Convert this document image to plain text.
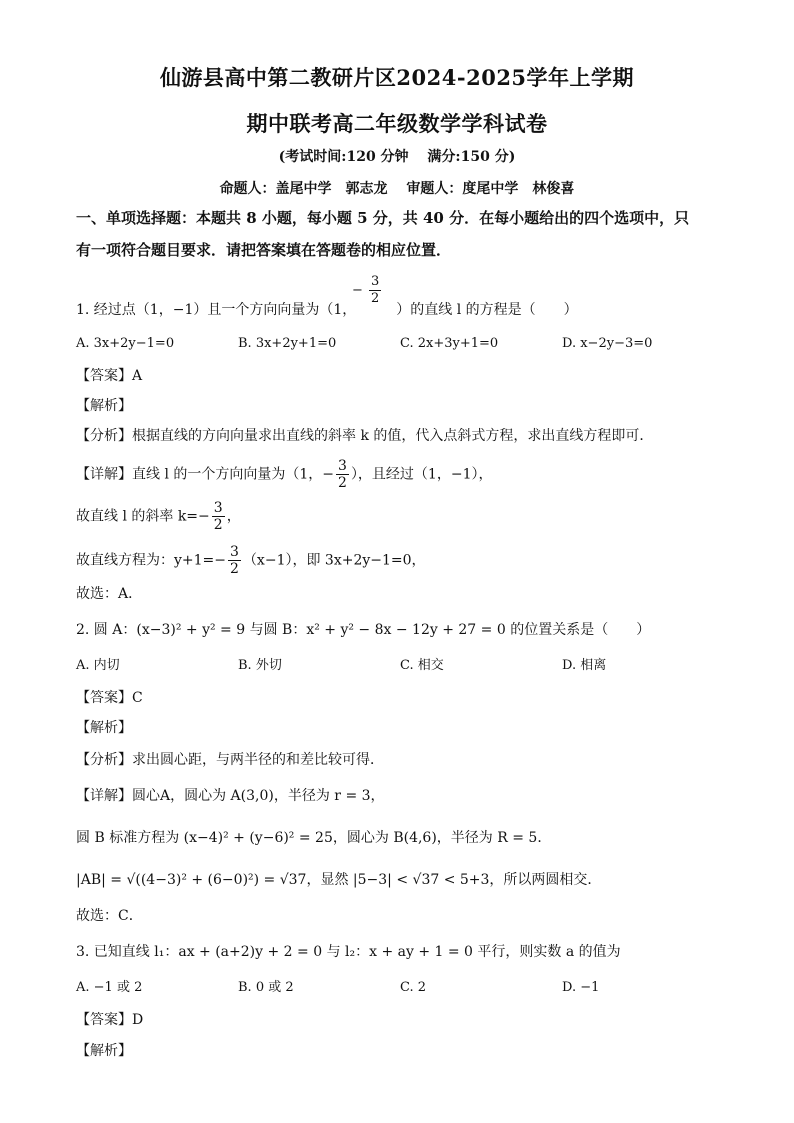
仙游县高中第二教研片区2024-2025学年上学期
期中联考高二年级数学学科试卷
(考试时间:120 分钟　 满分:150 分)
命题人：盖尾中学　郭志龙　 审题人：度尾中学　林俊喜
一、单项选择题：本题共 8 小题，每小题 5 分，共 40 分．在每小题给出的四个选项中，只
有一项符合题目要求．请把答案填在答题卷的相应位置．
− $\frac{3}{2}$
1. 经过点（1，−1）且一个方向向量为（1，	）的直线 l 的方程是（　　）
A. 3x+2y−1=0	B. 3x+2y+1=0	C. 2x+3y+1=0	D. x−2y−3=0
【答案】A
【解析】
【分析】根据直线的方向向量求出直线的斜率 k 的值，代入点斜式方程，求出直线方程即可．
【详解】直线 l 的一个方向向量为（1，− $\frac{3}{2}$ ），且经过（1，−1），
故直线 l 的斜率 $k=- \frac{3}{2}$ ，
故直线方程为：$y+1=- \frac{3}{2} (x-1)$，即 3x+2y−1=0，
故选：A．
2. 圆 A：(x−3)² + y² = 9 与圆 B：x² + y² − 8x − 12y + 27 = 0 的位置关系是（　　）
A. 内切	B. 外切	C. 相交	D. 相离
【答案】C
【解析】
【分析】求出圆心距，与两半径的和差比较可得．
【详解】圆心A，圆心为 A(3,0)，半径为 r = 3，
圆 B 标准方程为 (x−4)² + (y−6)² = 25，圆心为 B(4,6)，半径为 R = 5．
|AB| = √((4−3)² + (6−0)²) = √37，显然 |5−3| < √37 < 5+3，所以两圆相交．
故选：C．
3. 已知直线 l₁：ax + (a+2)y + 2 = 0 与 l₂：x + ay + 1 = 0 平行，则实数 a 的值为
A. −1 或 2	B. 0 或 2	C. 2	D. −1
【答案】D
【解析】
